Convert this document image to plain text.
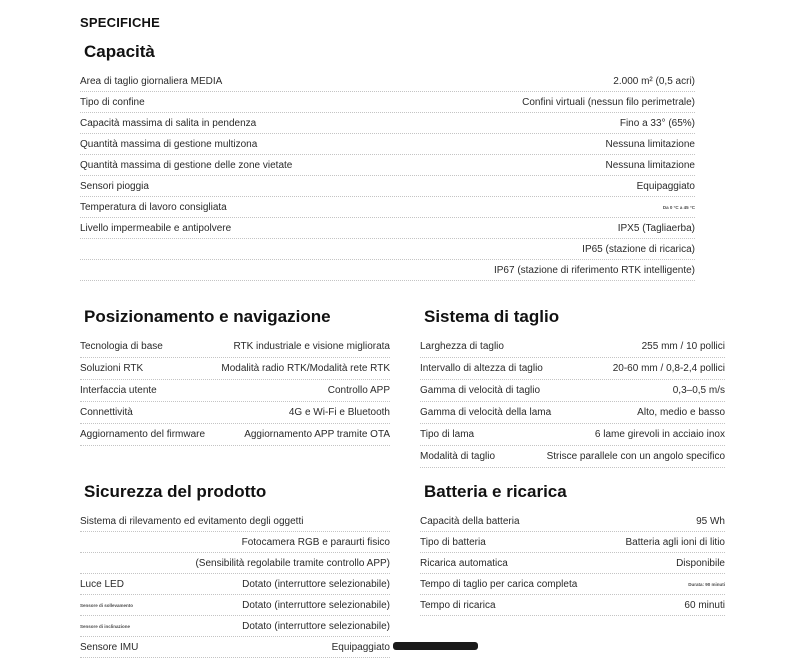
SPECIFICHE
Capacità
Area di taglio giornaliera MEDIA	2.000 m² (0,5 acri)
Tipo di confine	Confini virtuali (nessun filo perimetrale)
Capacità massima di salita in pendenza	Fino a 33° (65%)
Quantità massima di gestione multizona	Nessuna limitazione
Quantità massima di gestione delle zone vietate	Nessuna limitazione
Sensori pioggia	Equipaggiato
Temperatura di lavoro consigliata	Da 0 °C a 45 °C
Livello impermeabile e antipolvere	IPX5 (Tagliaerba)
IP65 (stazione di ricarica)
IP67 (stazione di riferimento RTK intelligente)
Posizionamento e navigazione
Tecnologia di base	RTK industriale e visione migliorata
Soluzioni RTK	Modalità radio RTK/Modalità rete RTK
Interfaccia utente	Controllo APP
Connettività	4G e Wi-Fi e Bluetooth
Aggiornamento del firmware	Aggiornamento APP tramite OTA
Sistema di taglio
Larghezza di taglio	255 mm / 10 pollici
Intervallo di altezza di taglio	20-60 mm / 0,8-2,4 pollici
Gamma di velocità di taglio	0,3–0,5 m/s
Gamma di velocità della lama	Alto, medio e basso
Tipo di lama	6 lame girevoli in acciaio inox
Modalità di taglio	Strisce parallele con un angolo specifico
Sicurezza del prodotto
Sistema di rilevamento ed evitamento degli oggetti
Fotocamera RGB e paraurti fisico
(Sensibilità regolabile tramite controllo APP)
Luce LED	Dotato (interruttore selezionabile)
Sensore di sollevamento	Dotato (interruttore selezionabile)
Sensore di inclinazione	Dotato (interruttore selezionabile)
Sensore IMU	Equipaggiato
Batteria e ricarica
Capacità della batteria	95 Wh
Tipo di batteria	Batteria agli ioni di litio
Ricarica automatica	Disponibile
Tempo di taglio per carica completa	Durata: 90 minuti
Tempo di ricarica	60 minuti
